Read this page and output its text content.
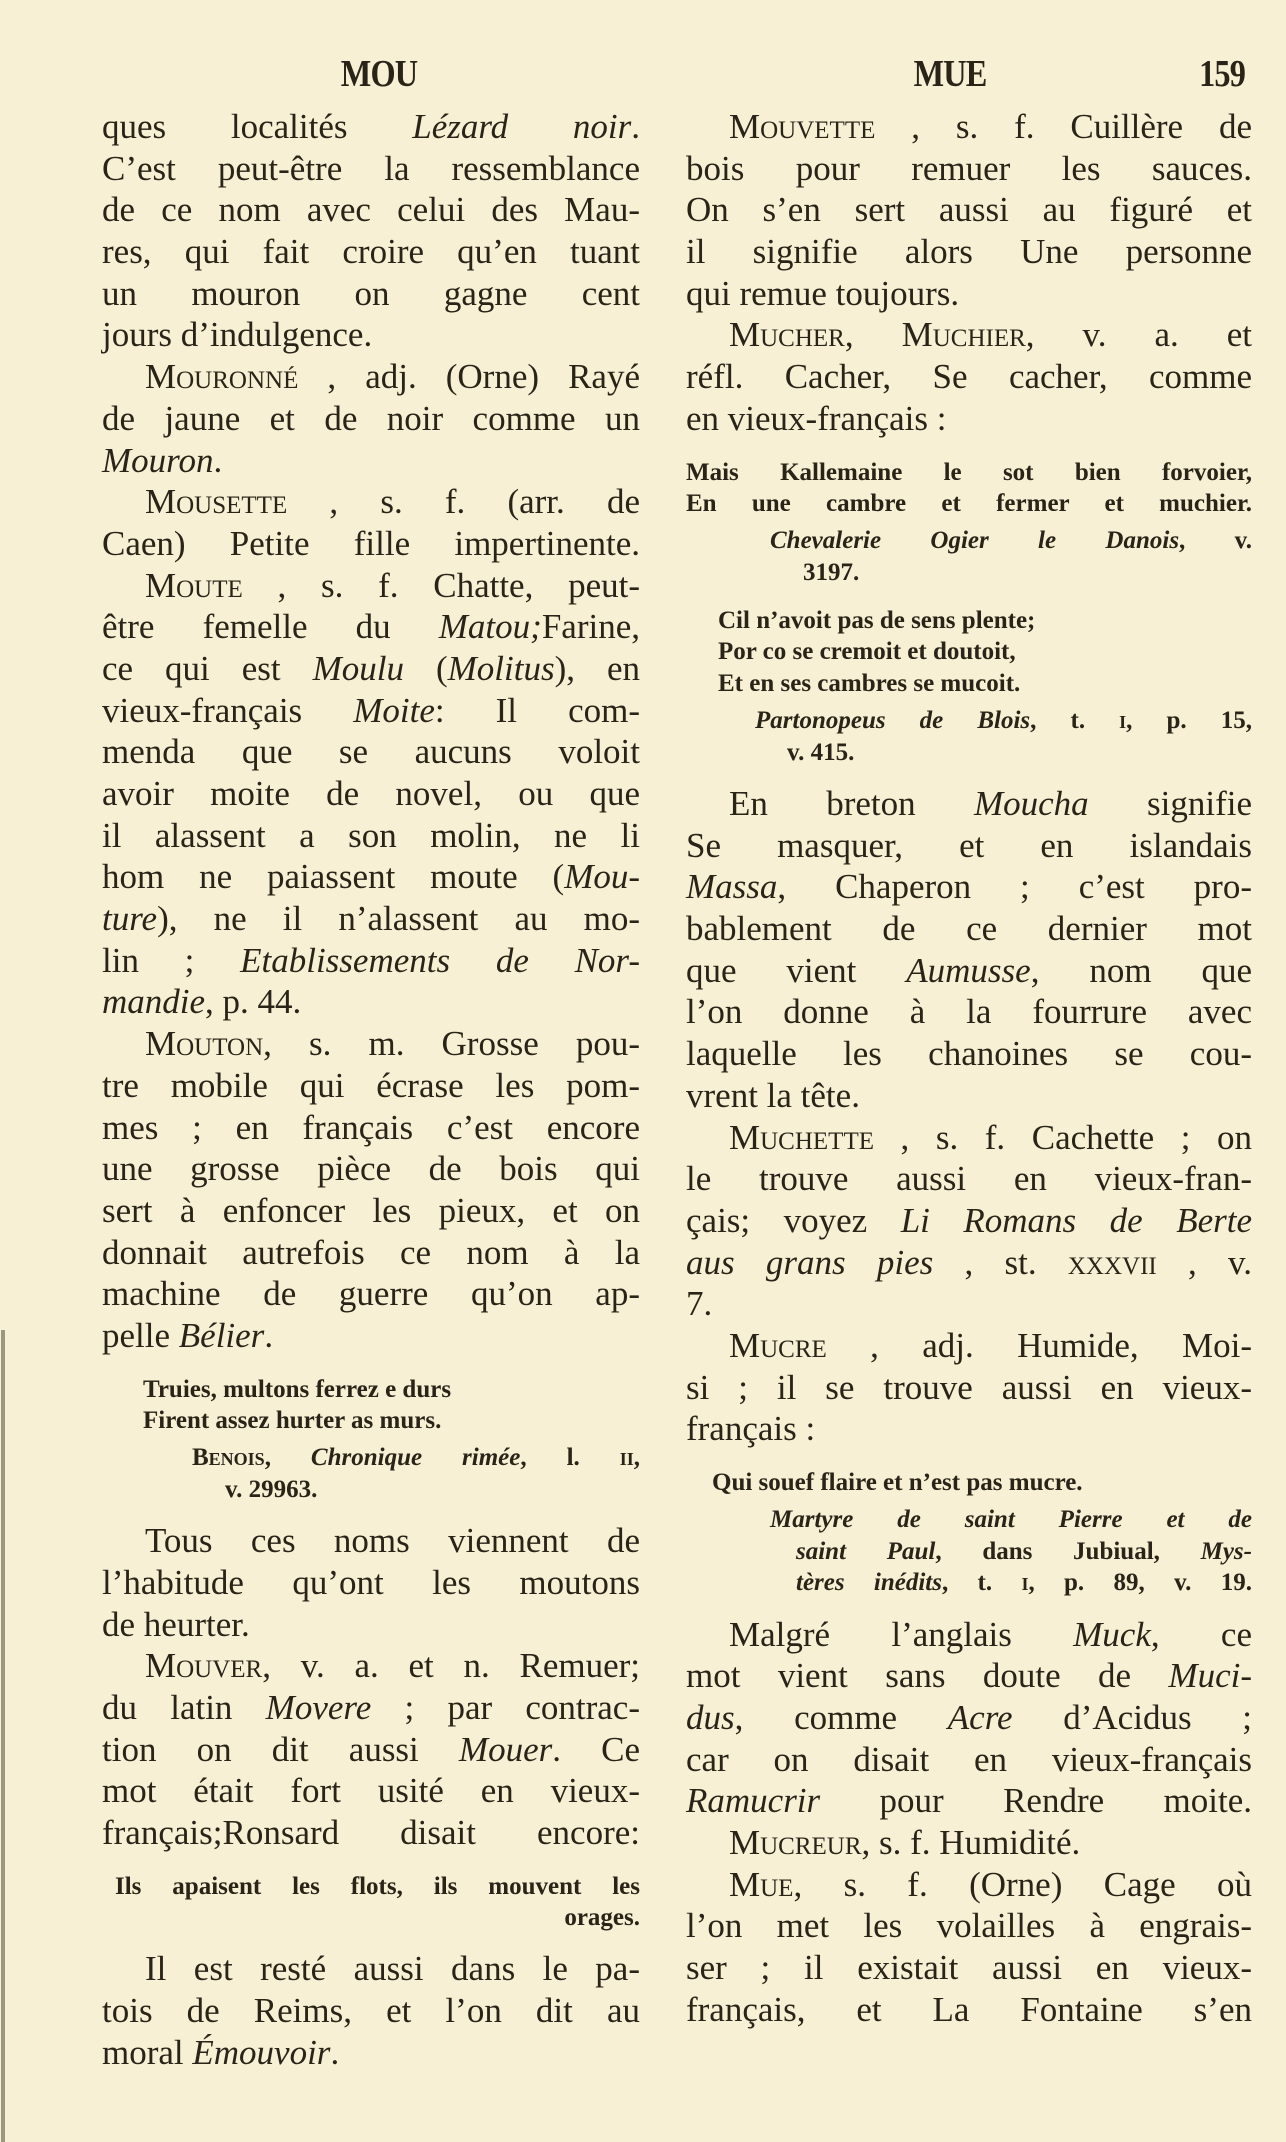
MOU	MUE	159
ques localités Lézard noir.
C’est peut-être la ressemblance
de ce nom avec celui des Mau-
res, qui fait croire qu’en tuant
un mouron on gagne cent
jours d’indulgence.
Mouronné , adj. (Orne) Rayé
de jaune et de noir comme un
Mouron.
Mousette , s. f. (arr. de
Caen) Petite fille impertinente.
Moute , s. f. Chatte, peut-
être femelle du Matou;Farine,
ce qui est Moulu (Molitus), en
vieux-français Moite: Il com-
menda que se aucuns voloit
avoir moite de novel, ou que
il alassent a son molin, ne li
hom ne paiassent moute (Mou-
ture), ne il n’alassent au mo-
lin ; Etablissements de Nor-
mandie, p. 44.
Mouton, s. m. Grosse pou-
tre mobile qui écrase les pom-
mes ; en français c’est encore
une grosse pièce de bois qui
sert à enfoncer les pieux, et on
donnait autrefois ce nom à la
machine de guerre qu’on ap-
pelle Bélier.
Truies, multons ferrez e durs
Firent assez hurter as murs.
Benois, Chronique rimée, l. ii,
v. 29963.
Tous ces noms viennent de
l’habitude qu’ont les moutons
de heurter.
Mouver, v. a. et n. Remuer;
du latin Movere ; par contrac-
tion on dit aussi Mouer. Ce
mot était fort usité en vieux-
français;Ronsard disait encore:
Ils apaisent les flots, ils mouvent les
orages.
Il est resté aussi dans le pa-
tois de Reims, et l’on dit au
moral Émouvoir.
Mouvette , s. f. Cuillère de
bois pour remuer les sauces.
On s’en sert aussi au figuré et
il signifie alors Une personne
qui remue toujours.
Mucher, Muchier, v. a. et
réfl. Cacher, Se cacher, comme
en vieux-français :
Mais Kallemaine le sot bien forvoier,
En une cambre et fermer et muchier.
Chevalerie Ogier le Danois, v.
3197.
Cil n’avoit pas de sens plente;
Por co se cremoit et doutoit,
Et en ses cambres se mucoit.
Partonopeus de Blois, t. i, p. 15,
v. 415.
En breton Moucha signifie
Se masquer, et en islandais
Massa, Chaperon ; c’est pro-
bablement de ce dernier mot
que vient Aumusse, nom que
l’on donne à la fourrure avec
laquelle les chanoines se cou-
vrent la tête.
Muchette , s. f. Cachette ; on
le trouve aussi en vieux-fran-
çais; voyez Li Romans de Berte
aus grans pies , st. xxxvii , v.
7.
Mucre , adj. Humide, Moi-
si ; il se trouve aussi en vieux-
français :
Qui souef flaire et n’est pas mucre.
Martyre de saint Pierre et de
saint Paul, dans Jubiual, Mys-
tères inédits, t. i, p. 89, v. 19.
Malgré l’anglais Muck, ce
mot vient sans doute de Muci-
dus, comme Acre d’Acidus ;
car on disait en vieux-français
Ramucrir pour Rendre moite.
Mucreur, s. f. Humidité.
Mue, s. f. (Orne) Cage où
l’on met les volailles à engrais-
ser ; il existait aussi en vieux-
français, et La Fontaine s’en
